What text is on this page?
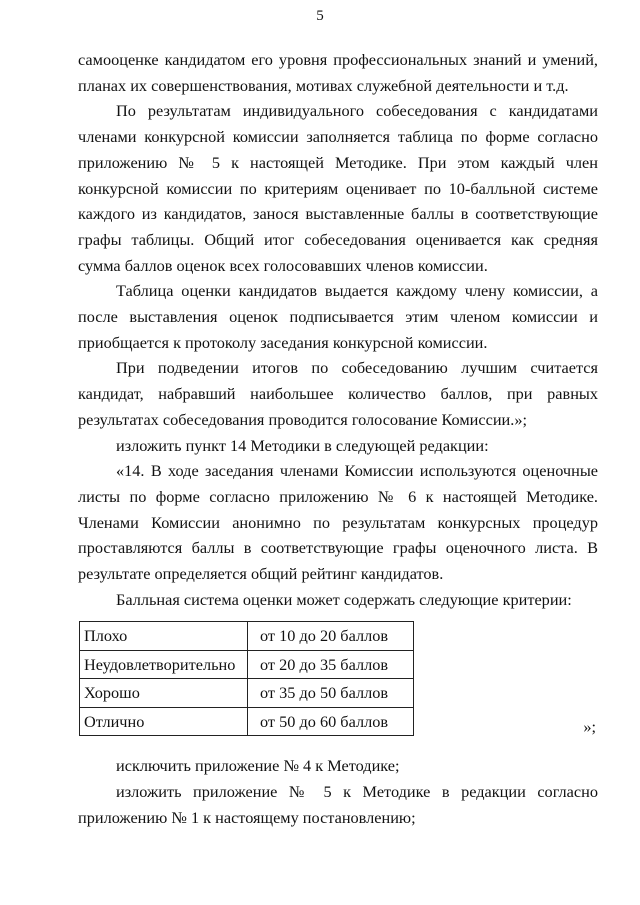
5

самооценке кандидатом его уровня профессиональных знаний и умений, планах их совершенствования, мотивах служебной деятельности и т.д.

По результатам индивидуального собеседования с кандидатами членами конкурсной комиссии заполняется таблица по форме согласно приложению № 5 к настоящей Методике. При этом каждый член конкурсной комиссии по критериям оценивает по 10-балльной системе каждого из кандидатов, занося выставленные баллы в соответствующие графы таблицы. Общий итог собеседования оценивается как средняя сумма баллов оценок всех голосовавших членов комиссии.

Таблица оценки кандидатов выдается каждому члену комиссии, а после выставления оценок подписывается этим членом комиссии и приобщается к протоколу заседания конкурсной комиссии.

При подведении итогов по собеседованию лучшим считается кандидат, набравший наибольшее количество баллов, при равных результатах собеседования проводится голосование Комиссии.»;

изложить пункт 14 Методики в следующей редакции:

«14. В ходе заседания членами Комиссии используются оценочные листы по форме согласно приложению № 6 к настоящей Методике. Членами Комиссии анонимно по результатам конкурсных процедур проставляются баллы в соответствующие графы оценочного листа. В результате определяется общий рейтинг кандидатов.

Балльная система оценки может содержать следующие критерии:

Плохо	от 10 до 20 баллов
Неудовлетворительно	от 20 до 35 баллов
Хорошо	от 35 до 50 баллов
Отлично	от 50 до 60 баллов	»;

исключить приложение № 4 к Методике;

изложить приложение № 5 к Методике в редакции согласно приложению № 1 к настоящему постановлению;
